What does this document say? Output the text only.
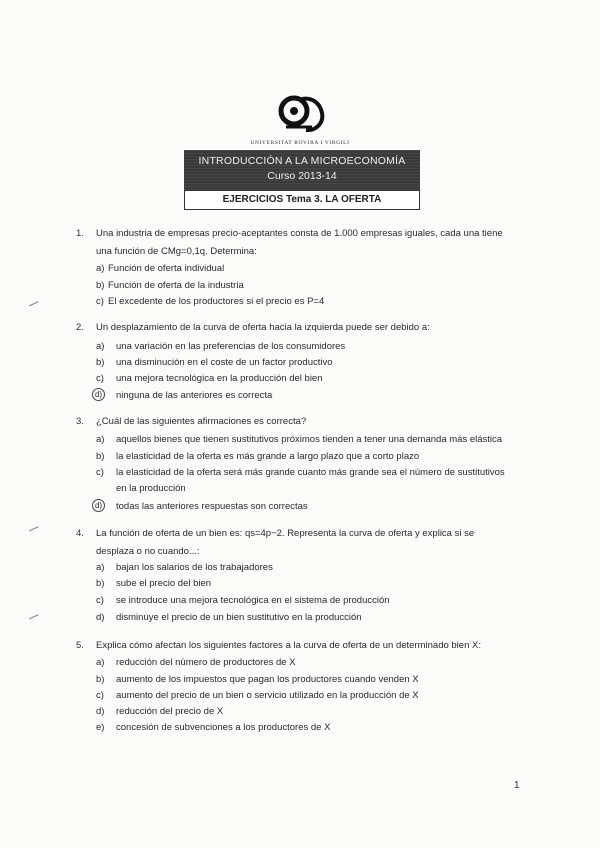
UNIVERSITAT ROVIRA I VIRGILI
INTRODUCCIÓN A LA MICROECONOMÍA
Curso 2013-14
EJERCICIOS Tema 3. LA OFERTA
1. Una industria de empresas precio-aceptantes consta de 1.000 empresas iguales, cada una tiene
una función de CMg=0,1q. Determina:
a) Función de oferta individual
b) Función de oferta de la industria
c) El excedente de los productores si el precio es P=4
2. Un desplazamiento de la curva de oferta hacia la izquierda puede ser debido a:
a) una variación en las preferencias de los consumidores
b) una disminución en el coste de un factor productivo
c) una mejora tecnológica en la producción del bien
d)	ninguna de las anteriores es correcta
3. ¿Cuál de las siguientes afirmaciones es correcta?
a) aquellos bienes que tienen sustitutivos próximos tienden a tener una demanda más elástica
b) la elasticidad de la oferta es más grande a largo plazo que a corto plazo
c) la elasticidad de la oferta será más grande cuanto más grande sea el número de sustitutivos
en la producción
d)	todas las anteriores respuestas son correctas
4. La función de oferta de un bien es: qs=4p−2. Representa la curva de oferta y explica si se
desplaza o no cuando...:
a) bajan los salarios de los trabajadores
b) sube el precio del bien
c) se introduce una mejora tecnológica en el sistema de producción
d) disminuye el precio de un bien sustitutivo en la producción
5. Explica cómo afectan los siguientes factores a la curva de oferta de un determinado bien X:
a) reducción del número de productores de X
b) aumento de los impuestos que pagan los productores cuando venden X
c) aumento del precio de un bien o servicio utilizado en la producción de X
d) reducción del precio de X
e) concesión de subvenciones a los productores de X
1
